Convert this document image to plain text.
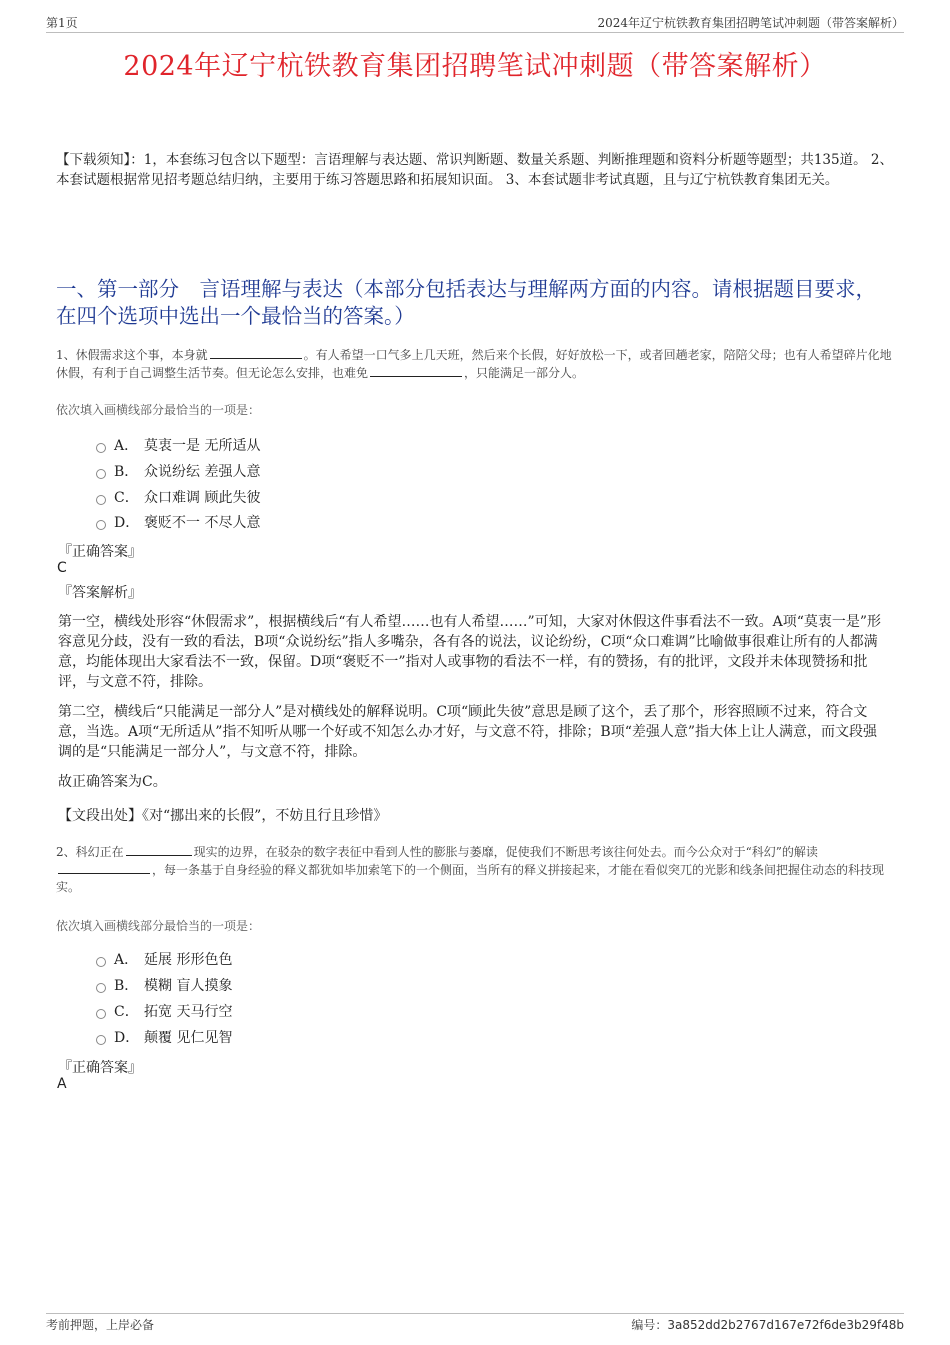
第1页	2024年辽宁杭铁教育集团招聘笔试冲刺题（带答案解析）
2024年辽宁杭铁教育集团招聘笔试冲刺题（带答案解析）
【下载须知】：1，本套练习包含以下题型：言语理解与表达题、常识判断题、数量关系题、判断推理题和资料分析题等题型；共135道。 2、本套试题根据常见招考题总结归纳，主要用于练习答题思路和拓展知识面。 3、本套试题非考试真题，且与辽宁杭铁教育集团无关。
一、第一部分　言语理解与表达（本部分包括表达与理解两方面的内容。请根据题目要求，在四个选项中选出一个最恰当的答案。）
1、休假需求这个事，本身就	。有人希望一口气多上几天班，然后来个长假，好好放松一下，或者回趟老家，陪陪父母；也有人希望碎片化地休假，有利于自己调整生活节奏。但无论怎么安排，也难免	，只能满足一部分人。
依次填入画横线部分最恰当的一项是：
A． 莫衷一是 无所适从
B． 众说纷纭 差强人意
C． 众口难调 顾此失彼
D． 褒贬不一 不尽人意
『正确答案』
C
『答案解析』
第一空，横线处形容“休假需求”，根据横线后“有人希望……也有人希望……”可知，大家对休假这件事看法不一致。A项“莫衷一是”形容意见分歧，没有一致的看法，B项“众说纷纭”指人多嘴杂，各有各的说法，议论纷纷，C项“众口难调”比喻做事很难让所有的人都满意，均能体现出大家看法不一致，保留。D项“褒贬不一”指对人或事物的看法不一样，有的赞扬，有的批评，文段并未体现赞扬和批评，与文意不符，排除。
第二空，横线后“只能满足一部分人”是对横线处的解释说明。C项“顾此失彼”意思是顾了这个，丢了那个，形容照顾不过来，符合文意，当选。A项“无所适从”指不知听从哪一个好或不知怎么办才好，与文意不符，排除；B项“差强人意”指大体上让人满意，而文段强调的是“只能满足一部分人”，与文意不符，排除。
故正确答案为C。
【文段出处】《对“挪出来的长假”，不妨且行且珍惜》
2、科幻正在	现实的边界，在驳杂的数字表征中看到人性的膨胀与萎靡，促使我们不断思考该往何处去。而今公众对于“科幻”的解读，每一条基于自身经验的释义都犹如毕加索笔下的一个侧面，当所有的释义拼接起来，才能在看似突兀的光影和线条间把握住动态的科技现实。
依次填入画横线部分最恰当的一项是：
A． 延展 形形色色
B． 模糊 盲人摸象
C． 拓宽 天马行空
D． 颠覆 见仁见智
『正确答案』
A
考前押题，上岸必备	编号：3a852dd2b2767d167e72f6de3b29f48b
